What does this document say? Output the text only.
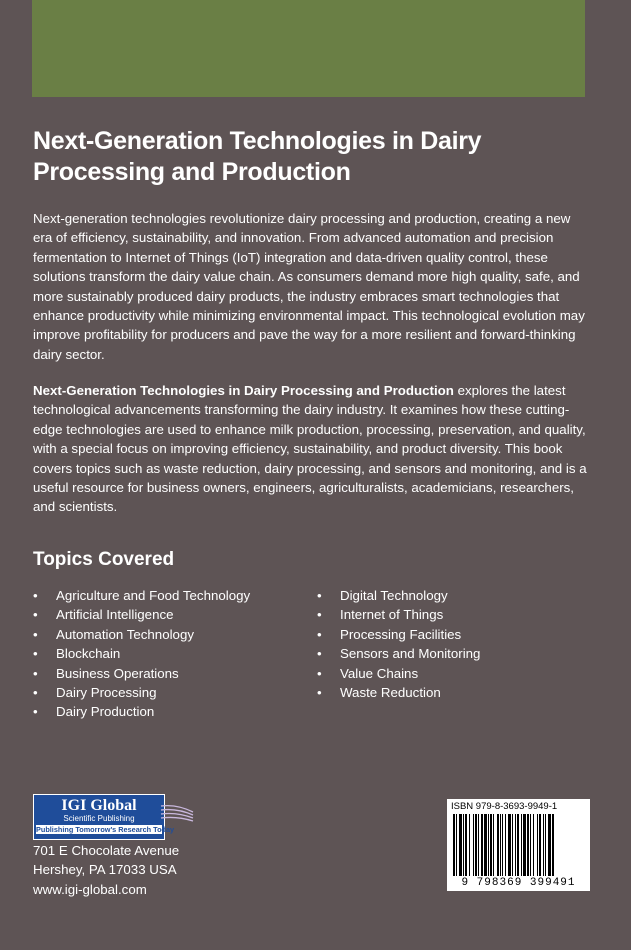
Next-Generation Technologies in Dairy Processing and Production

Next-generation technologies revolutionize dairy processing and production, creating a new era of efficiency, sustainability, and innovation. From advanced automation and precision fermentation to Internet of Things (IoT) integration and data-driven quality control, these solutions transform the dairy value chain. As consumers demand more high quality, safe, and more sustainably produced dairy products, the industry embraces smart technologies that enhance productivity while minimizing environmental impact. This technological evolution may improve profitability for producers and pave the way for a more resilient and forward-thinking dairy sector.

Next-Generation Technologies in Dairy Processing and Production explores the latest technological advancements transforming the dairy industry. It examines how these cutting-edge technologies are used to enhance milk production, processing, preservation, and quality, with a special focus on improving efficiency, sustainability, and product diversity. This book covers topics such as waste reduction, dairy processing, and sensors and monitoring, and is a useful resource for business owners, engineers, agriculturalists, academicians, researchers, and scientists.

Topics Covered
• Agriculture and Food Technology
• Artificial Intelligence
• Automation Technology
• Blockchain
• Business Operations
• Dairy Processing
• Dairy Production
• Digital Technology
• Internet of Things
• Processing Facilities
• Sensors and Monitoring
• Value Chains
• Waste Reduction
IGI Global
Scientific Publishing
Publishing Tomorrow's Research Today
701 E Chocolate Avenue
Hershey, PA 17033 USA
www.igi-global.com
ISBN 979-8-3693-9949-1
9 798369 399491
